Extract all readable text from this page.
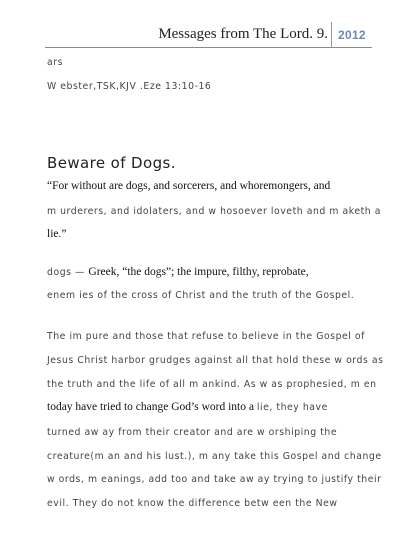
Messages from The Lord. 9. 2012
ars
W ebster,TSK,KJV .Eze 13:10-16
Beware of Dogs.
“For without are dogs, and sorcerers, and whoremongers, and
m urderers, and idolaters, and w hosoever loveth and m aketh a
lie.”
dogs — Greek, “the dogs”; the impure, filthy, reprobate,
enem ies of the cross of Christ and the truth of the Gospel.
The im pure and those that refuse to believe in the Gospel of
Jesus Christ harbor grudges against all that hold these w ords as
the truth and the life of all m ankind. As w as prophesied, m en
today have tried to change God’s word into a lie, they have
turned aw ay from their creator and are w orshiping the
creature(m an and his lust.), m any take this Gospel and change
w ords, m eanings, add too and take aw ay trying to justify their
evil. They do not know the difference betw een the New
